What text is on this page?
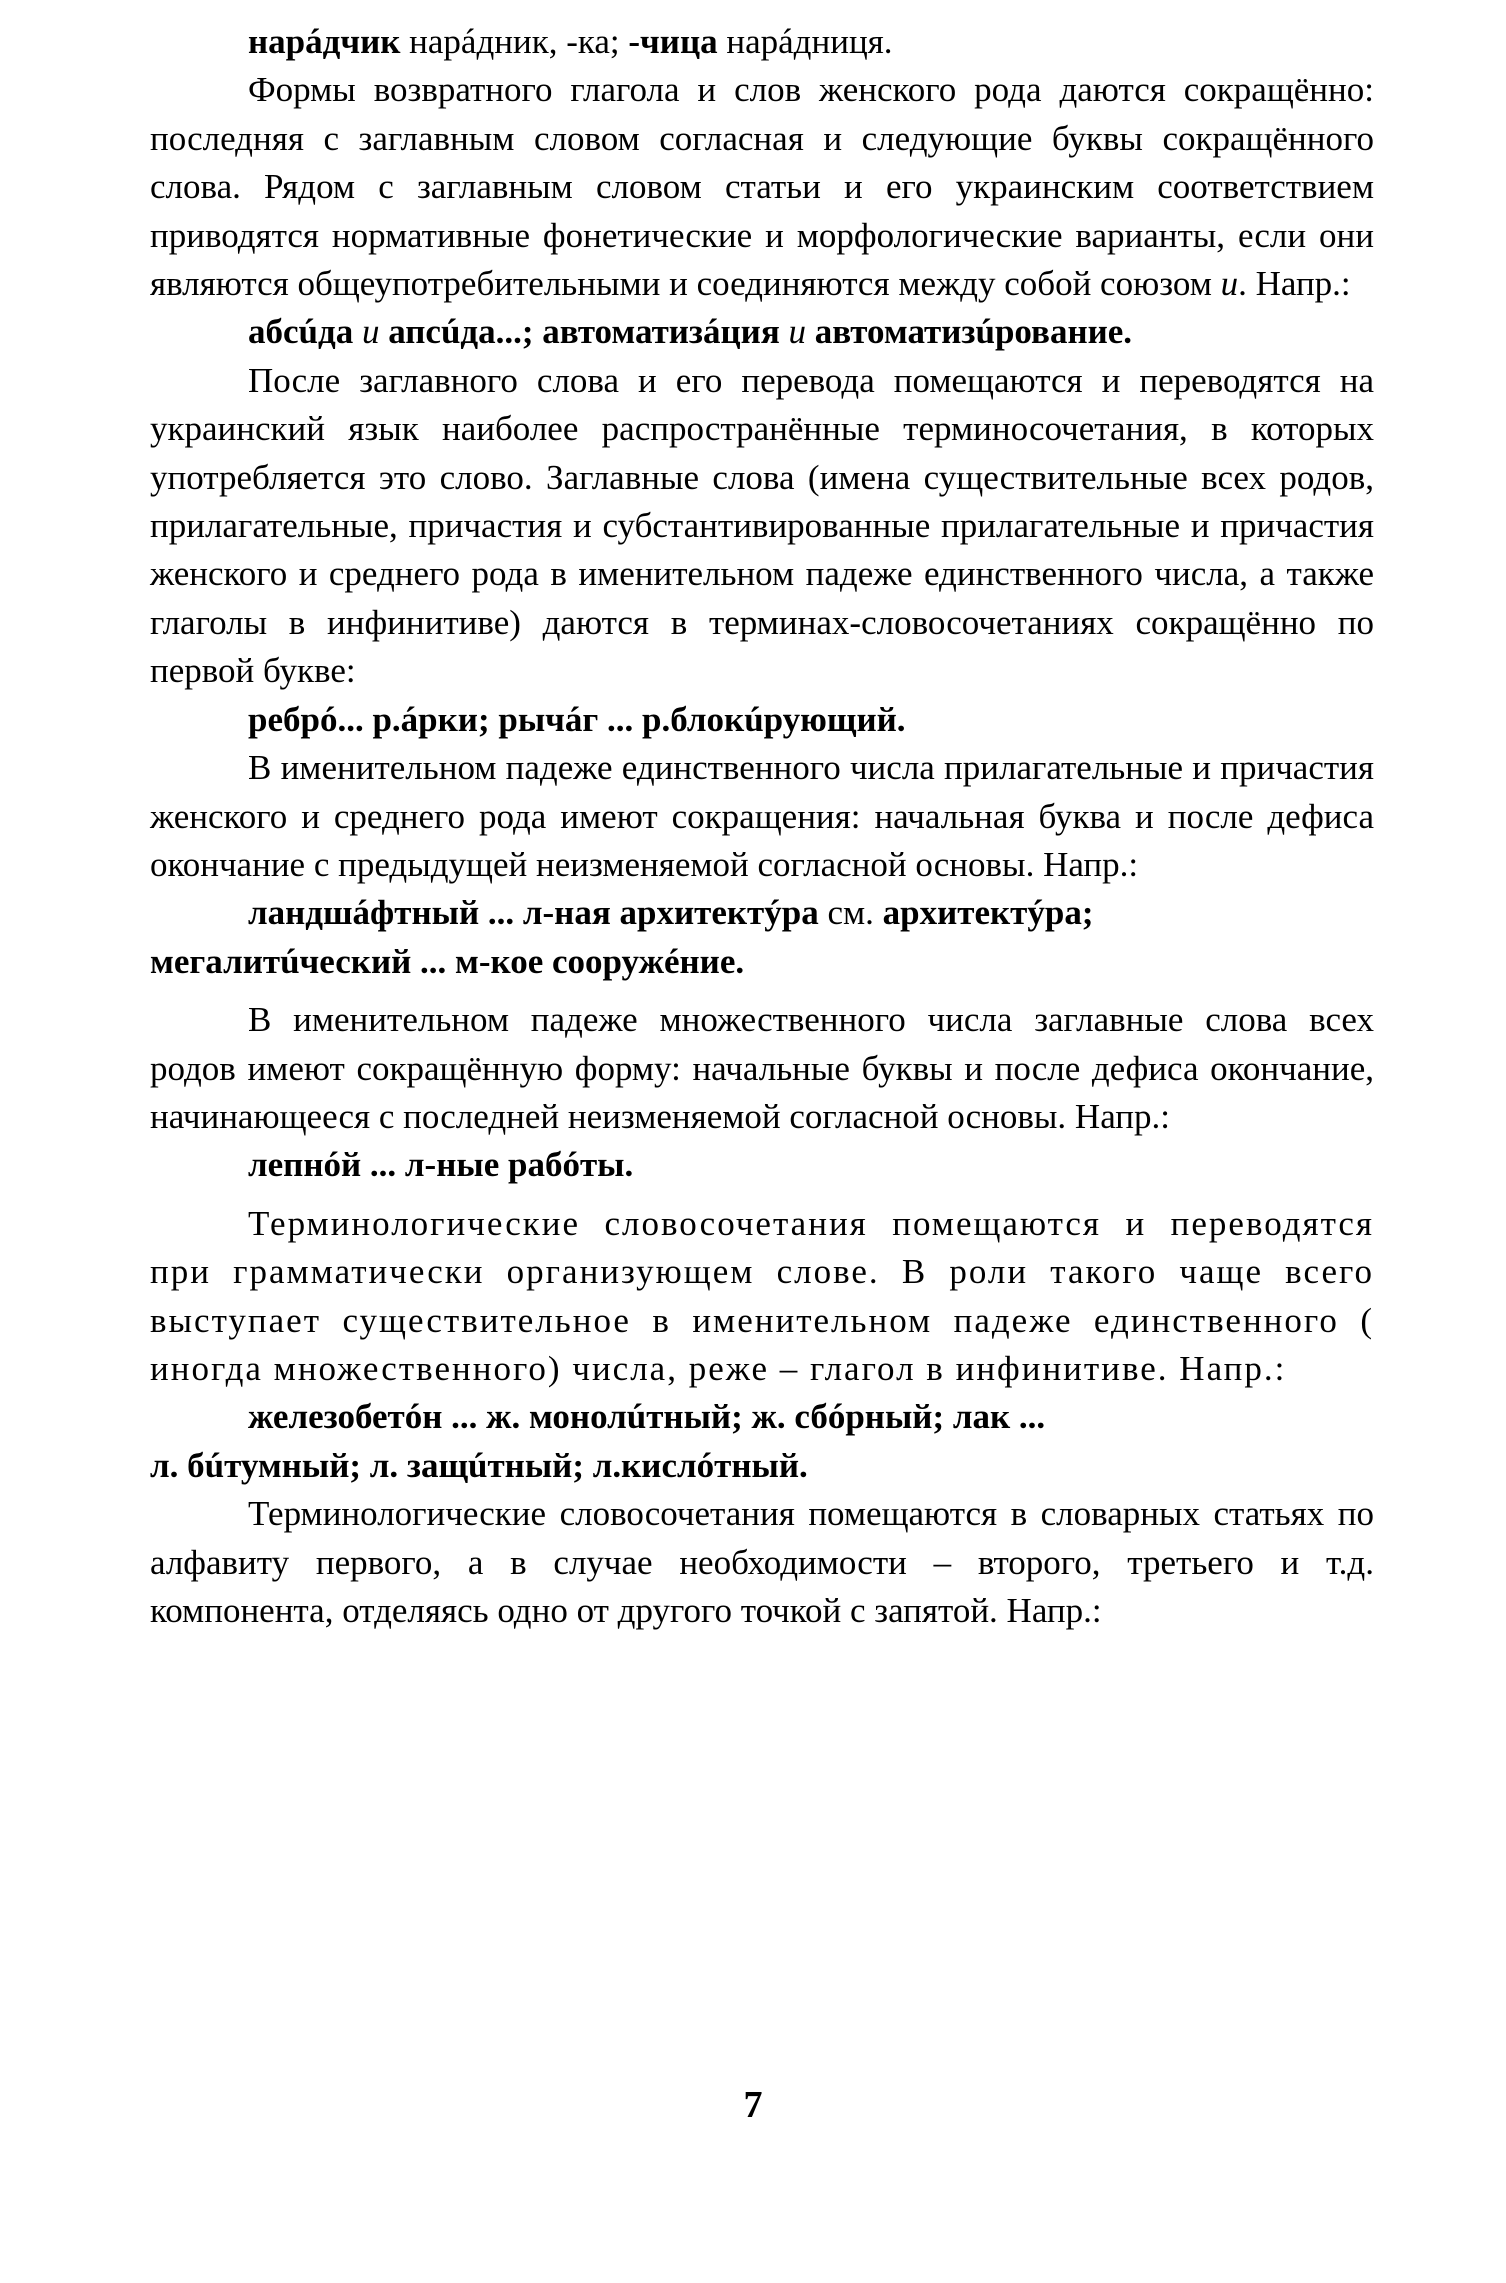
нарáдчик нарáдник, -ка; -чица нарáдниця.

Формы возвратного глагола и слов женского рода даются сокращённо: последняя с заглавным словом согласная и следующие буквы сокращённого слова. Рядом с заглавным словом статьи и его украинским соответствием приводятся нормативные фонетические и морфологические варианты, если они являются общеупотребительными и соединяются между собой союзом и. Напр.:

абсúда и апсúда...; автоматизáция и автоматизúрование.

После заглавного слова и его перевода помещаются и переводятся на украинский язык наиболее распространённые терминосочетания, в которых употребляется это слово. Заглавные слова (имена существительные всех родов, прилагательные, причастия и субстантивированные прилагательные и причастия женского и среднего рода в именительном падеже единственного числа, а также глаголы в инфинитиве) даются в терминах-словосочетаниях сокращённо по первой букве:

ребрó... р.áрки; рычáг ... р.блокúрующий.

В именительном падеже единственного числа прилагательные и причастия женского и среднего рода имеют сокращения: начальная буква и после дефиса окончание с предыдущей неизменяемой согласной основы. Напр.:

ландшáфтный ... л-ная архитектýра см. архитектýра;

мегалитúческий ... м-кое сооружéние.

В именительном падеже множественного числа заглавные слова всех родов имеют сокращённую форму: начальные буквы и после дефиса окончание, начинающееся с последней неизменяемой согласной основы. Напр.:

лепнóй ... л-ные рабóты.

Терминологические словосочетания помещаются и переводятся при грамматически организующем слове. В роли такого чаще всего выступает существительное в именительном падеже единственного ( иногда множественного) числа, реже – глагол в инфинитиве. Напр.:

железобетóн ... ж. монолúтный; ж. сбóрный; лак ...

л. бúтумный; л. защúтный; л.кислóтный.

Терминологические словосочетания помещаются в словарных статьях по алфавиту первого, а в случае необходимости – второго, третьего и т.д. компонента, отделяясь одно от другого точкой с запятой. Напр.:

7
